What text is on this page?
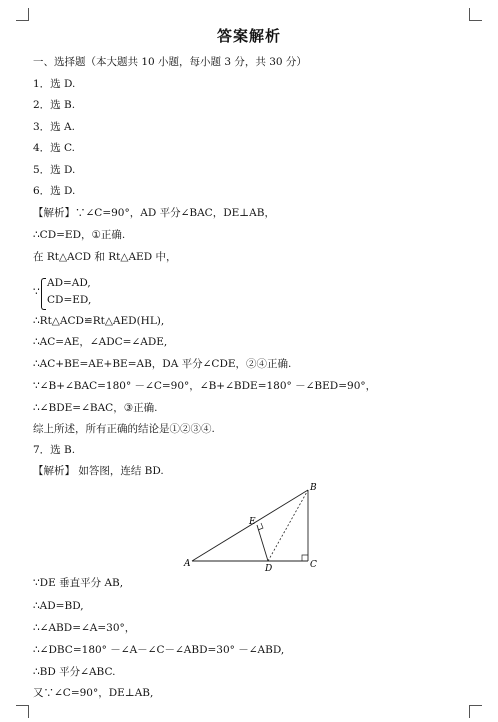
答案解析
一、选择题（本大题共 10 小题，每小题 3 分，共 30 分）
1．选 D.
2．选 B.
3．选 A.
4．选 C.
5．选 D.
6．选 D.
【解析】∵∠C=90°，AD 平分∠BAC，DE⊥AB，
∴CD=ED，①正确.
在 Rt△ACD 和 Rt△AED 中，
∵
AD=AD,
CD=ED,
∴Rt△ACD≌Rt△AED(HL),
∴AC=AE，∠ADC=∠ADE,
∴AC+BE=AE+BE=AB，DA 平分∠CDE，②④正确.
∵∠B+∠BAC=180° －∠C=90°，∠B+∠BDE=180° －∠BED=90°，
∴∠BDE=∠BAC，③正确.
综上所述，所有正确的结论是①②③④.
7．选 B.
【解析】 如答图，连结 BD.
A
B
C
D
E
∵DE 垂直平分 AB,
∴AD=BD,
∴∠ABD=∠A=30°，
∴∠DBC=180° －∠A－∠C－∠ABD=30° －∠ABD,
∴BD 平分∠ABC.
又∵∠C=90°，DE⊥AB,
